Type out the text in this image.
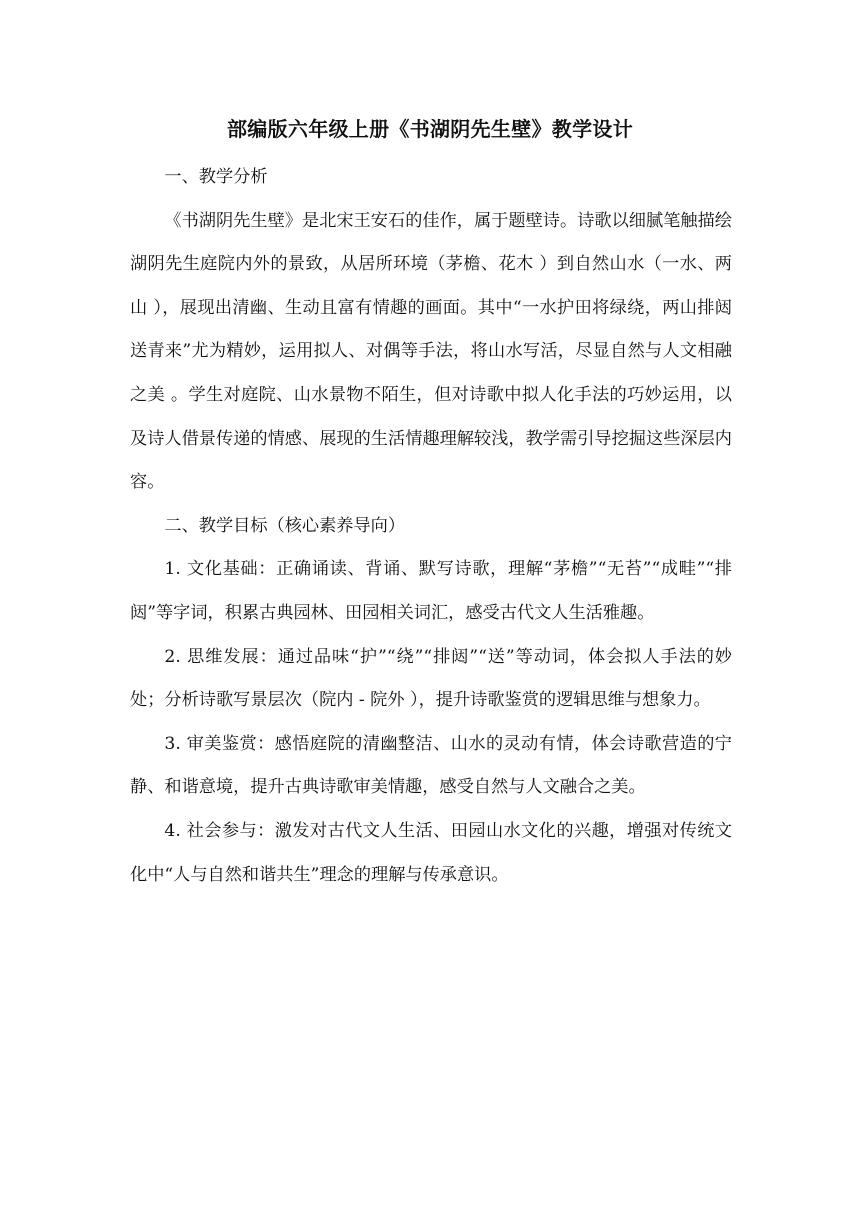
部编版六年级上册《书湖阴先生壁》教学设计

一、教学分析

《书湖阴先生壁》是北宋王安石的佳作，属于题壁诗。诗歌以细腻笔触描绘湖阴先生庭院内外的景致，从居所环境（茅檐、花木 ）到自然山水（一水、两山 ），展现出清幽、生动且富有情趣的画面。其中“一水护田将绿绕，两山排闼送青来”尤为精妙，运用拟人、对偶等手法，将山水写活，尽显自然与人文相融之美 。学生对庭院、山水景物不陌生，但对诗歌中拟人化手法的巧妙运用，以及诗人借景传递的情感、展现的生活情趣理解较浅，教学需引导挖掘这些深层内容。

二、教学目标（核心素养导向）

1. 文化基础：正确诵读、背诵、默写诗歌，理解“茅檐”“无苔”“成畦”“排闼”等字词，积累古典园林、田园相关词汇，感受古代文人生活雅趣。

2. 思维发展：通过品味“护”“绕”“排闼”“送”等动词，体会拟人手法的妙处；分析诗歌写景层次（院内 - 院外 ），提升诗歌鉴赏的逻辑思维与想象力。

3. 审美鉴赏：感悟庭院的清幽整洁、山水的灵动有情，体会诗歌营造的宁静、和谐意境，提升古典诗歌审美情趣，感受自然与人文融合之美。

4. 社会参与：激发对古代文人生活、田园山水文化的兴趣，增强对传统文化中“人与自然和谐共生”理念的理解与传承意识。
